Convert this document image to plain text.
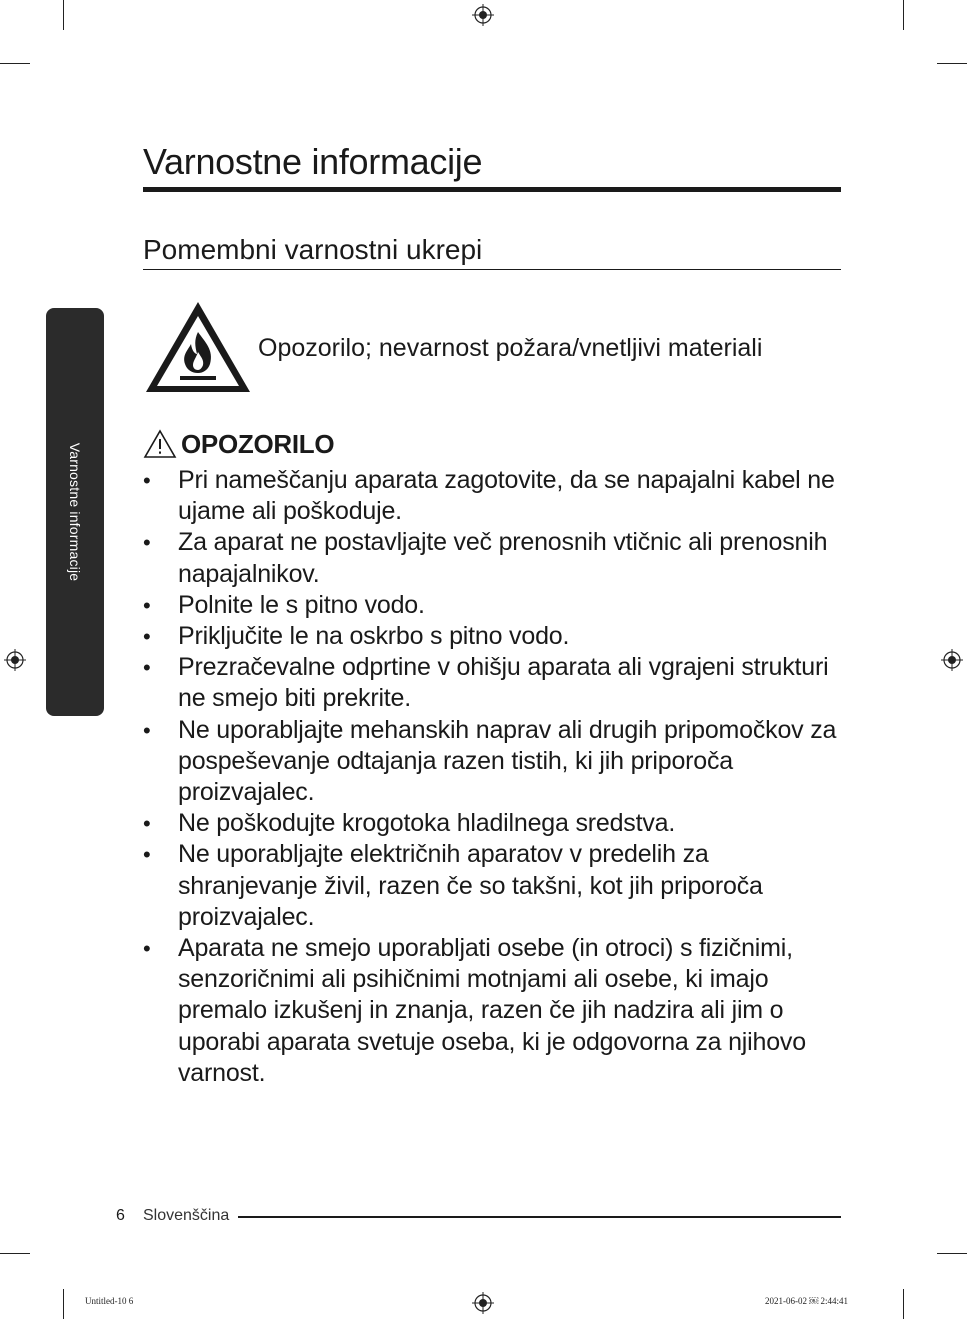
Varnostne informacije
Varnostne informacije
Pomembni varnostni ukrepi
Opozorilo; nevarnost požara/vnetljivi materiali
OPOZORILO
• Pri nameščanju aparata zagotovite, da se napajalni kabel ne ujame ali poškoduje.
• Za aparat ne postavljajte več prenosnih vtičnic ali prenosnih napajalnikov.
• Polnite le s pitno vodo.
• Priključite le na oskrbo s pitno vodo.
• Prezračevalne odprtine v ohišju aparata ali vgrajeni strukturi ne smejo biti prekrite.
• Ne uporabljajte mehanskih naprav ali drugih pripomočkov za pospeševanje odtajanja razen tistih, ki jih priporoča proizvajalec.
• Ne poškodujte krogotoka hladilnega sredstva.
• Ne uporabljajte električnih aparatov v predelih za shranjevanje živil, razen če so takšni, kot jih priporoča proizvajalec.
• Aparata ne smejo uporabljati osebe (in otroci) s fizičnimi, senzoričnimi ali psihičnimi motnjami ali osebe, ki imajo premalo izkušenj in znanja, razen če jih nadzira ali jim o uporabi aparata svetuje oseba, ki je odgovorna za njihovo varnost.
6 Slovenščina
Untitled-10 6	2021-06-02 ￼ 2:44:41
